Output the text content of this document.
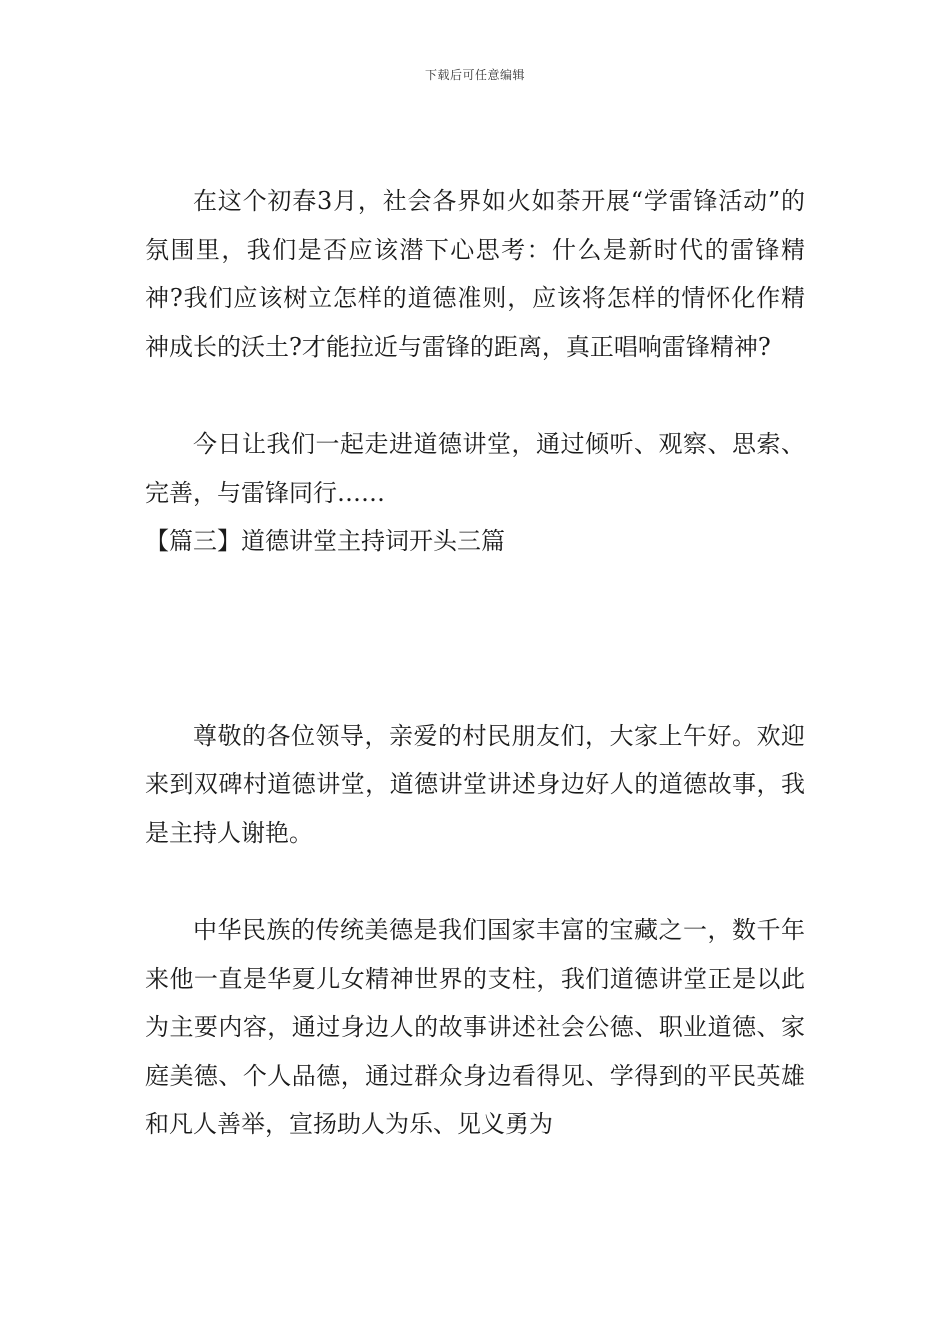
下载后可任意编辑

在这个初春3月，社会各界如火如荼开展“学雷锋活动”的氛围里，我们是否应该潜下心思考：什么是新时代的雷锋精神?我们应该树立怎样的道德准则，应该将怎样的情怀化作精神成长的沃土?才能拉近与雷锋的距离，真正唱响雷锋精神?

今日让我们一起走进道德讲堂，通过倾听、观察、思索、完善，与雷锋同行……

【篇三】道德讲堂主持词开头三篇

尊敬的各位领导，亲爱的村民朋友们，大家上午好。欢迎来到双碑村道德讲堂，道德讲堂讲述身边好人的道德故事，我是主持人谢艳。

中华民族的传统美德是我们国家丰富的宝藏之一，数千年来他一直是华夏儿女精神世界的支柱，我们道德讲堂正是以此为主要内容，通过身边人的故事讲述社会公德、职业道德、家庭美德、个人品德，通过群众身边看得见、学得到的平民英雄和凡人善举，宣扬助人为乐、见义勇为
